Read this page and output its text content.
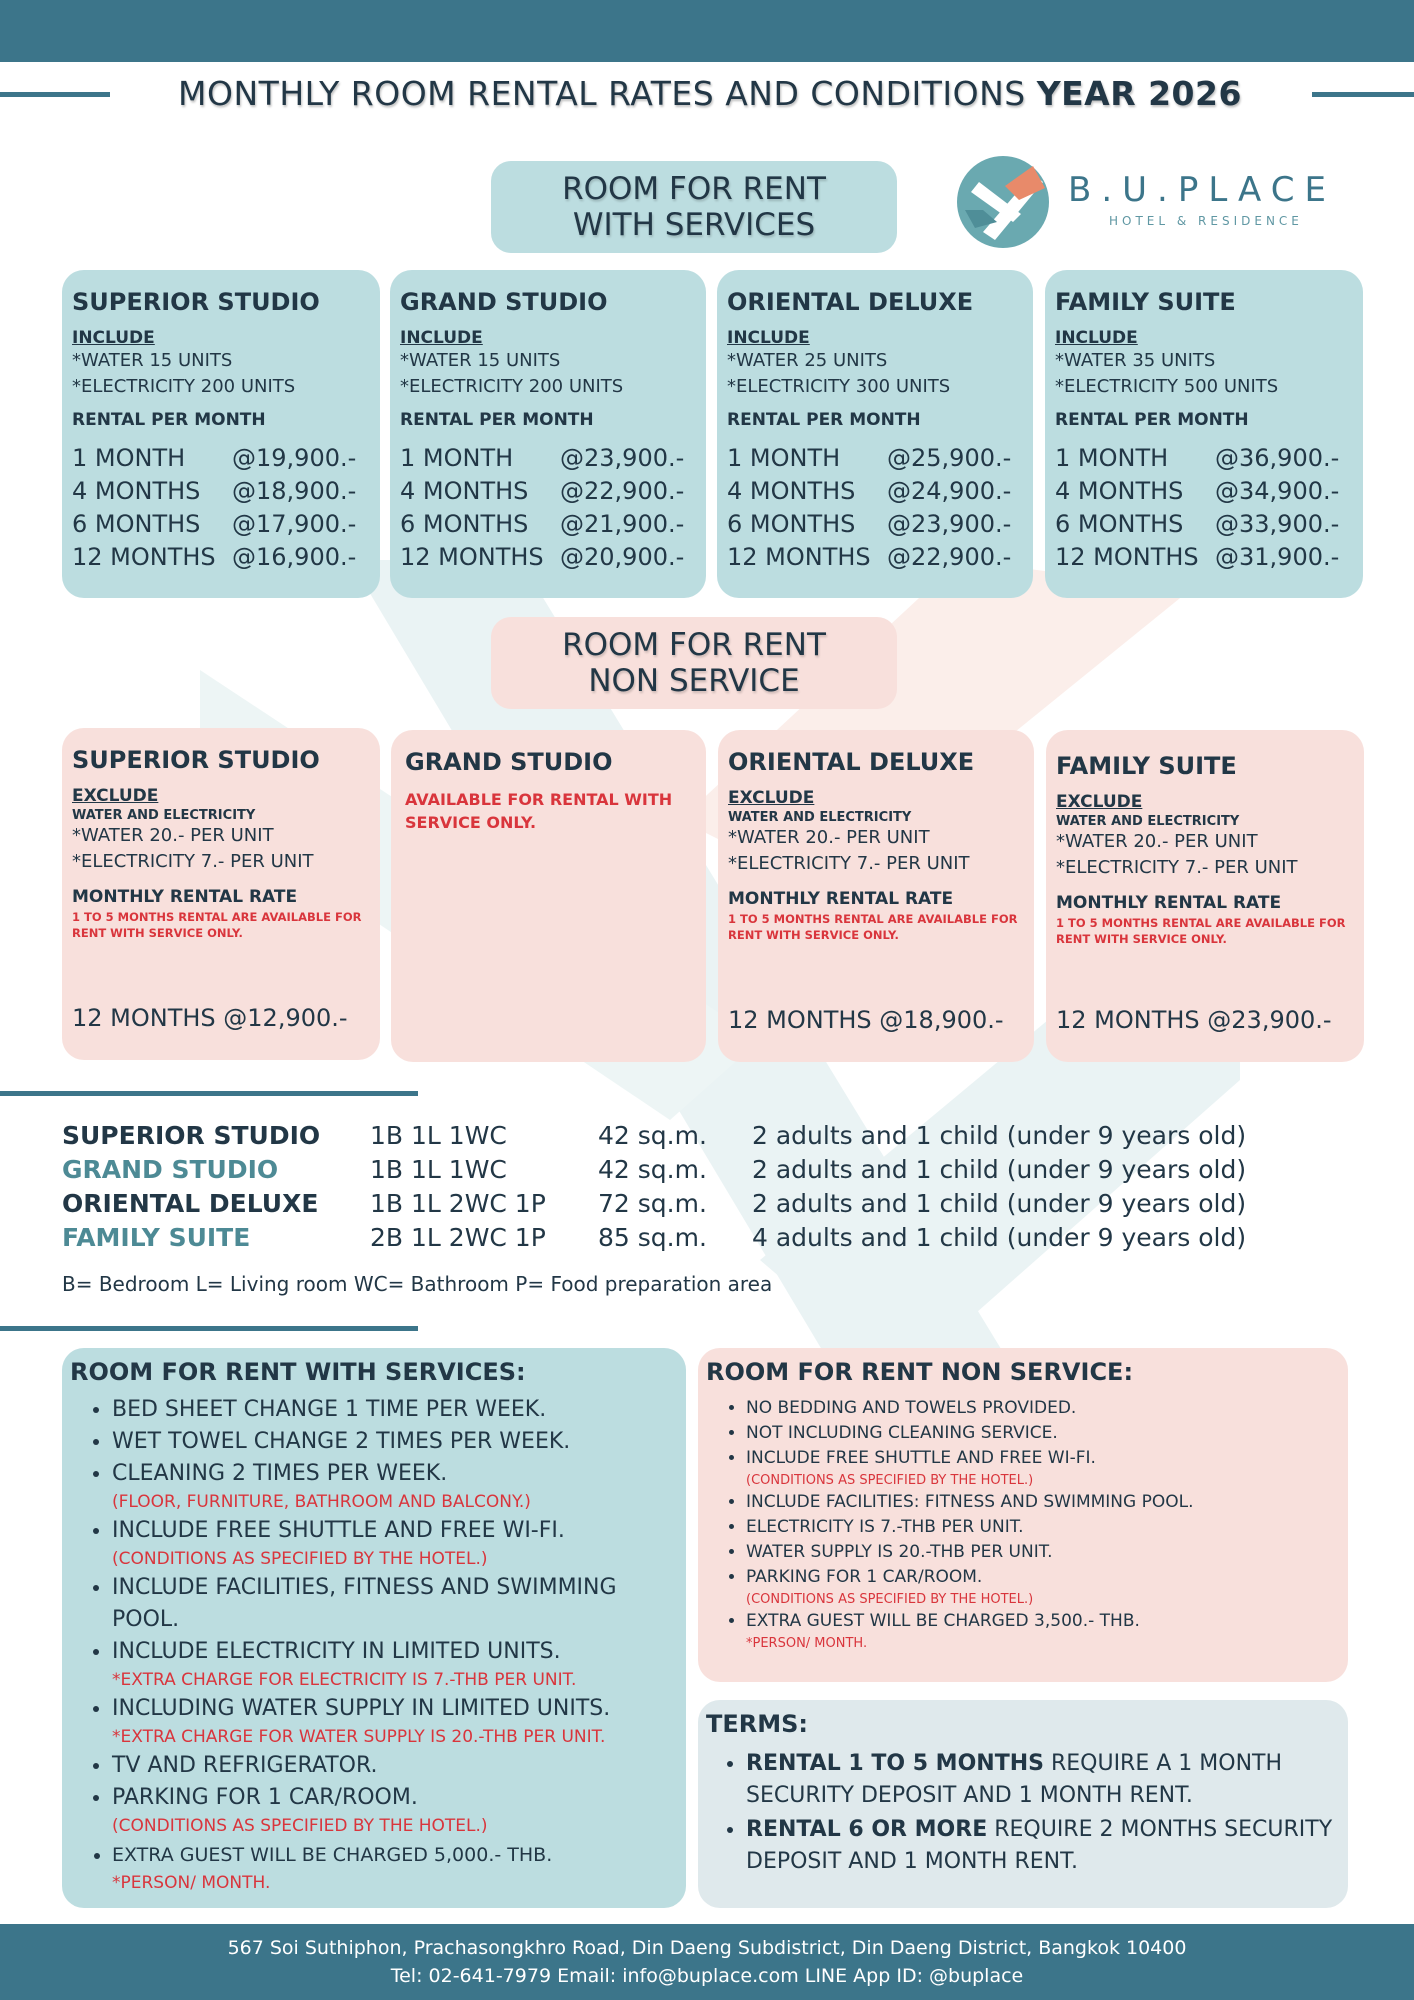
MONTHLY ROOM RENTAL RATES AND CONDITIONS YEAR 2026
ROOM FOR RENT
WITH SERVICES
B.U.PLACE
HOTEL & RESIDENCE
SUPERIOR STUDIO
INCLUDE
*WATER 15 UNITS
*ELECTRICITY 200 UNITS
RENTAL PER MONTH
1 MONTH	@19,900.-
4 MONTHS	@18,900.-
6 MONTHS	@17,900.-
12 MONTHS @16,900.-
GRAND STUDIO
INCLUDE
*WATER 15 UNITS
*ELECTRICITY 200 UNITS
RENTAL PER MONTH
1 MONTH	@23,900.-
4 MONTHS	@22,900.-
6 MONTHS	@21,900.-
12 MONTHS @20,900.-
ORIENTAL DELUXE
INCLUDE
*WATER 25 UNITS
*ELECTRICITY 300 UNITS
RENTAL PER MONTH
1 MONTH	@25,900.-
4 MONTHS	@24,900.-
6 MONTHS	@23,900.-
12 MONTHS @22,900.-
FAMILY SUITE
INCLUDE
*WATER 35 UNITS
*ELECTRICITY 500 UNITS
RENTAL PER MONTH
1 MONTH	@36,900.-
4 MONTHS	@34,900.-
6 MONTHS	@33,900.-
12 MONTHS @31,900.-
ROOM FOR RENT
NON SERVICE
SUPERIOR STUDIO
EXCLUDE
WATER AND ELECTRICITY
*WATER 20.- PER UNIT
*ELECTRICITY 7.- PER UNIT
MONTHLY RENTAL RATE
1 TO 5 MONTHS RENTAL ARE AVAILABLE FOR RENT WITH SERVICE ONLY.
12 MONTHS @12,900.-
GRAND STUDIO
AVAILABLE FOR RENTAL WITH SERVICE ONLY.
ORIENTAL DELUXE
EXCLUDE
WATER AND ELECTRICITY
*WATER 20.- PER UNIT
*ELECTRICITY 7.- PER UNIT
MONTHLY RENTAL RATE
1 TO 5 MONTHS RENTAL ARE AVAILABLE FOR RENT WITH SERVICE ONLY.
12 MONTHS @18,900.-
FAMILY SUITE
EXCLUDE
WATER AND ELECTRICITY
*WATER 20.- PER UNIT
*ELECTRICITY 7.- PER UNIT
MONTHLY RENTAL RATE
1 TO 5 MONTHS RENTAL ARE AVAILABLE FOR RENT WITH SERVICE ONLY.
12 MONTHS @23,900.-
SUPERIOR STUDIO	1B 1L 1WC	42 sq.m.	2 adults and 1 child (under 9 years old)
GRAND STUDIO	1B 1L 1WC	42 sq.m.	2 adults and 1 child (under 9 years old)
ORIENTAL DELUXE	1B 1L 2WC 1P	72 sq.m.	2 adults and 1 child (under 9 years old)
FAMILY SUITE	2B 1L 2WC 1P	85 sq.m.	4 adults and 1 child (under 9 years old)
B= Bedroom L= Living room WC= Bathroom P= Food preparation area
ROOM FOR RENT WITH SERVICES:
• BED SHEET CHANGE 1 TIME PER WEEK.
• WET TOWEL CHANGE 2 TIMES PER WEEK.
• CLEANING 2 TIMES PER WEEK.
(FLOOR, FURNITURE, BATHROOM AND BALCONY.)
• INCLUDE FREE SHUTTLE AND FREE WI-FI.
(CONDITIONS AS SPECIFIED BY THE HOTEL.)
• INCLUDE FACILITIES, FITNESS AND SWIMMING POOL.
• INCLUDE ELECTRICITY IN LIMITED UNITS.
*EXTRA CHARGE FOR ELECTRICITY IS 7.-THB PER UNIT.
• INCLUDING WATER SUPPLY IN LIMITED UNITS.
*EXTRA CHARGE FOR WATER SUPPLY IS 20.-THB PER UNIT.
• TV AND REFRIGERATOR.
• PARKING FOR 1 CAR/ROOM.
(CONDITIONS AS SPECIFIED BY THE HOTEL.)
• EXTRA GUEST WILL BE CHARGED 5,000.- THB.
*PERSON/ MONTH.
ROOM FOR RENT NON SERVICE:
• NO BEDDING AND TOWELS PROVIDED.
• NOT INCLUDING CLEANING SERVICE.
• INCLUDE FREE SHUTTLE AND FREE WI-FI.
(CONDITIONS AS SPECIFIED BY THE HOTEL.)
• INCLUDE FACILITIES: FITNESS AND SWIMMING POOL.
• ELECTRICITY IS 7.-THB PER UNIT.
• WATER SUPPLY IS 20.-THB PER UNIT.
• PARKING FOR 1 CAR/ROOM.
(CONDITIONS AS SPECIFIED BY THE HOTEL.)
• EXTRA GUEST WILL BE CHARGED 3,500.- THB.
*PERSON/ MONTH.
TERMS:
• RENTAL 1 TO 5 MONTHS REQUIRE A 1 MONTH SECURITY DEPOSIT AND 1 MONTH RENT.
• RENTAL 6 OR MORE REQUIRE 2 MONTHS SECURITY DEPOSIT AND 1 MONTH RENT.
567 Soi Suthiphon, Prachasongkhro Road, Din Daeng Subdistrict, Din Daeng District, Bangkok 10400
Tel: 02-641-7979 Email: info@buplace.com LINE App ID: @buplace
